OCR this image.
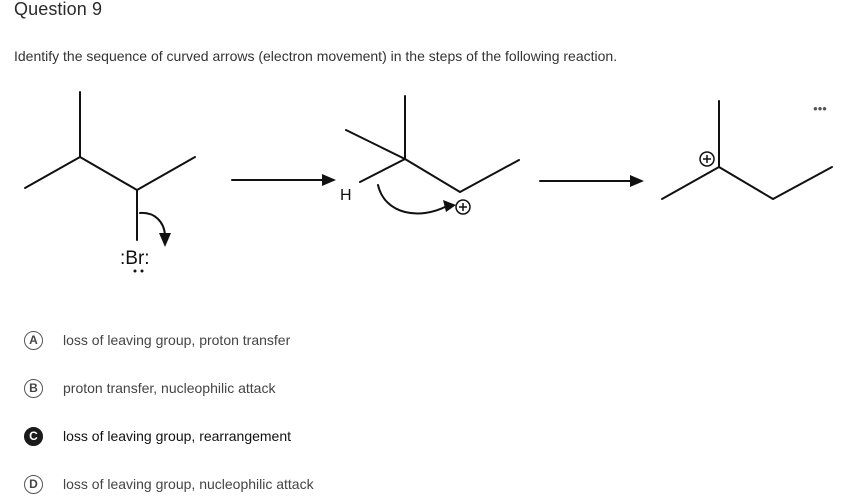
Question 9
Identify the sequence of curved arrows (electron movement) in the steps of the following reaction.
•••
:Br:
H
A	loss of leaving group, proton transfer
B	proton transfer, nucleophilic attack
C	loss of leaving group, rearrangement
D	loss of leaving group, nucleophilic attack
